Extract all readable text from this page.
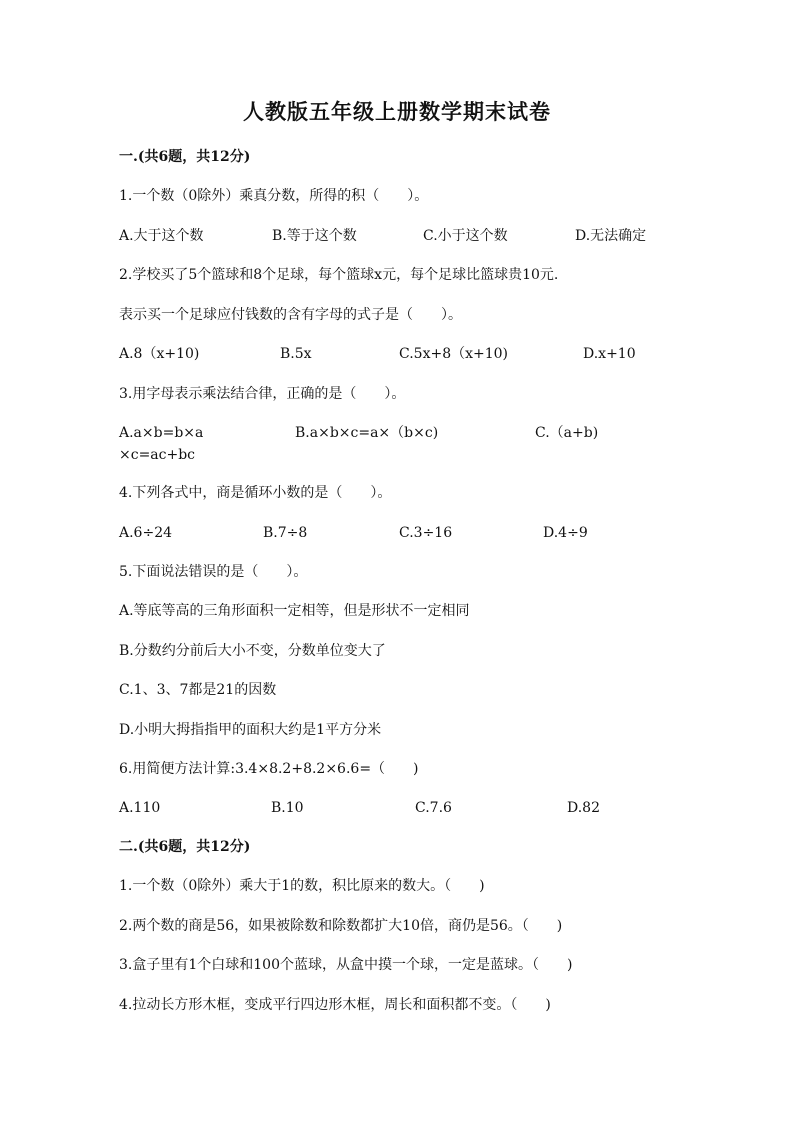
人教版五年级上册数学期末试卷
一.(共6题，共12分)
1.一个数（0除外）乘真分数，所得的积（　　）。
A.大于这个数	B.等于这个数	C.小于这个数	D.无法确定
2.学校买了5个篮球和8个足球，每个篮球x元，每个足球比篮球贵10元.
表示买一个足球应付钱数的含有字母的式子是（　　）。
A.8（x+10)	B.5x	C.5x+8（x+10)	D.x+10
3.用字母表示乘法结合律，正确的是（　　）。
A.a×b=b×a	B.a×b×c=a×（b×c)	C.（a+b)
×c=ac+bc
4.下列各式中，商是循环小数的是（　　）。
A.6÷24	B.7÷8	C.3÷16	D.4÷9
5.下面说法错误的是（　　）。
A.等底等高的三角形面积一定相等，但是形状不一定相同
B.分数约分前后大小不变，分数单位变大了
C.1、3、7都是21的因数
D.小明大拇指指甲的面积大约是1平方分米
6.用简便方法计算:3.4×8.2+8.2×6.6=（　　)
A.110	B.10	C.7.6	D.82
二.(共6题，共12分)
1.一个数（0除外）乘大于1的数，积比原来的数大。（　　)
2.两个数的商是56，如果被除数和除数都扩大10倍，商仍是56。（　　)
3.盒子里有1个白球和100个蓝球，从盒中摸一个球，一定是蓝球。（　　)
4.拉动长方形木框，变成平行四边形木框，周长和面积都不变。（　　)
